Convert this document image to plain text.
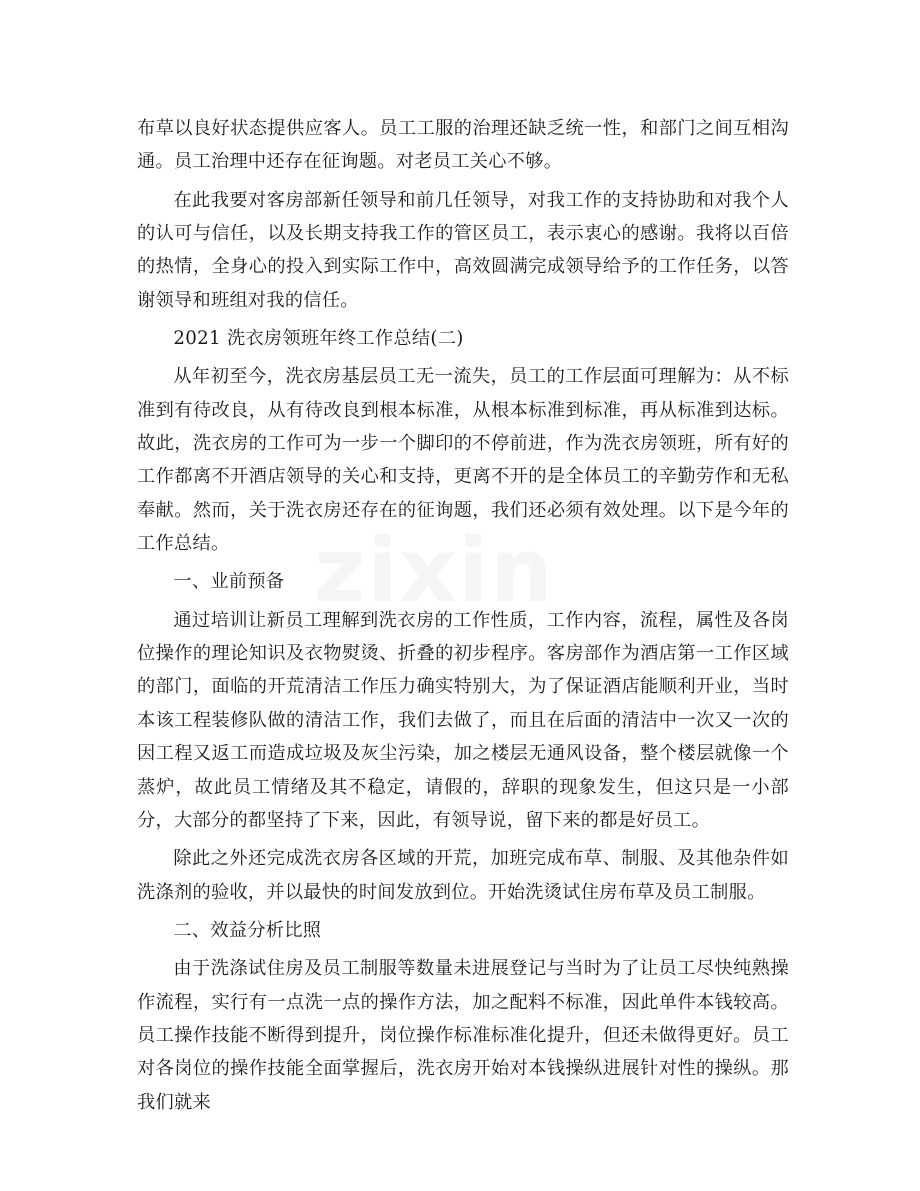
zixin

布草以良好状态提供应客人。员工工服的治理还缺乏统一性，和部门之间互相沟通。员工治理中还存在征询题。对老员工关心不够。

在此我要对客房部新任领导和前几任领导，对我工作的支持协助和对我个人的认可与信任，以及长期支持我工作的管区员工，表示衷心的感谢。我将以百倍的热情，全身心的投入到实际工作中，高效圆满完成领导给予的工作任务，以答谢领导和班组对我的信任。

2021 洗衣房领班年终工作总结(二)

从年初至今，洗衣房基层员工无一流失，员工的工作层面可理解为：从不标准到有待改良，从有待改良到根本标准，从根本标准到标准，再从标准到达标。故此，洗衣房的工作可为一步一个脚印的不停前进，作为洗衣房领班，所有好的工作都离不开酒店领导的关心和支持，更离不开的是全体员工的辛勤劳作和无私奉献。然而，关于洗衣房还存在的征询题，我们还必须有效处理。以下是今年的工作总结。

一、业前预备

通过培训让新员工理解到洗衣房的工作性质，工作内容，流程，属性及各岗位操作的理论知识及衣物熨烫、折叠的初步程序。客房部作为酒店第一工作区域的部门，面临的开荒清洁工作压力确实特别大，为了保证酒店能顺利开业，当时本该工程装修队做的清洁工作，我们去做了，而且在后面的清洁中一次又一次的因工程又返工而造成垃圾及灰尘污染，加之楼层无通风设备，整个楼层就像一个蒸炉，故此员工情绪及其不稳定，请假的，辞职的现象发生，但这只是一小部分，大部分的都坚持了下来，因此，有领导说，留下来的都是好员工。

除此之外还完成洗衣房各区域的开荒，加班完成布草、制服、及其他杂件如洗涤剂的验收，并以最快的时间发放到位。开始洗烫试住房布草及员工制服。

二、效益分析比照

由于洗涤试住房及员工制服等数量未进展登记与当时为了让员工尽快纯熟操作流程，实行有一点洗一点的操作方法，加之配料不标准，因此单件本钱较高。员工操作技能不断得到提升，岗位操作标准标准化提升，但还未做得更好。员工对各岗位的操作技能全面掌握后，洗衣房开始对本钱操纵进展针对性的操纵。那我们就来
